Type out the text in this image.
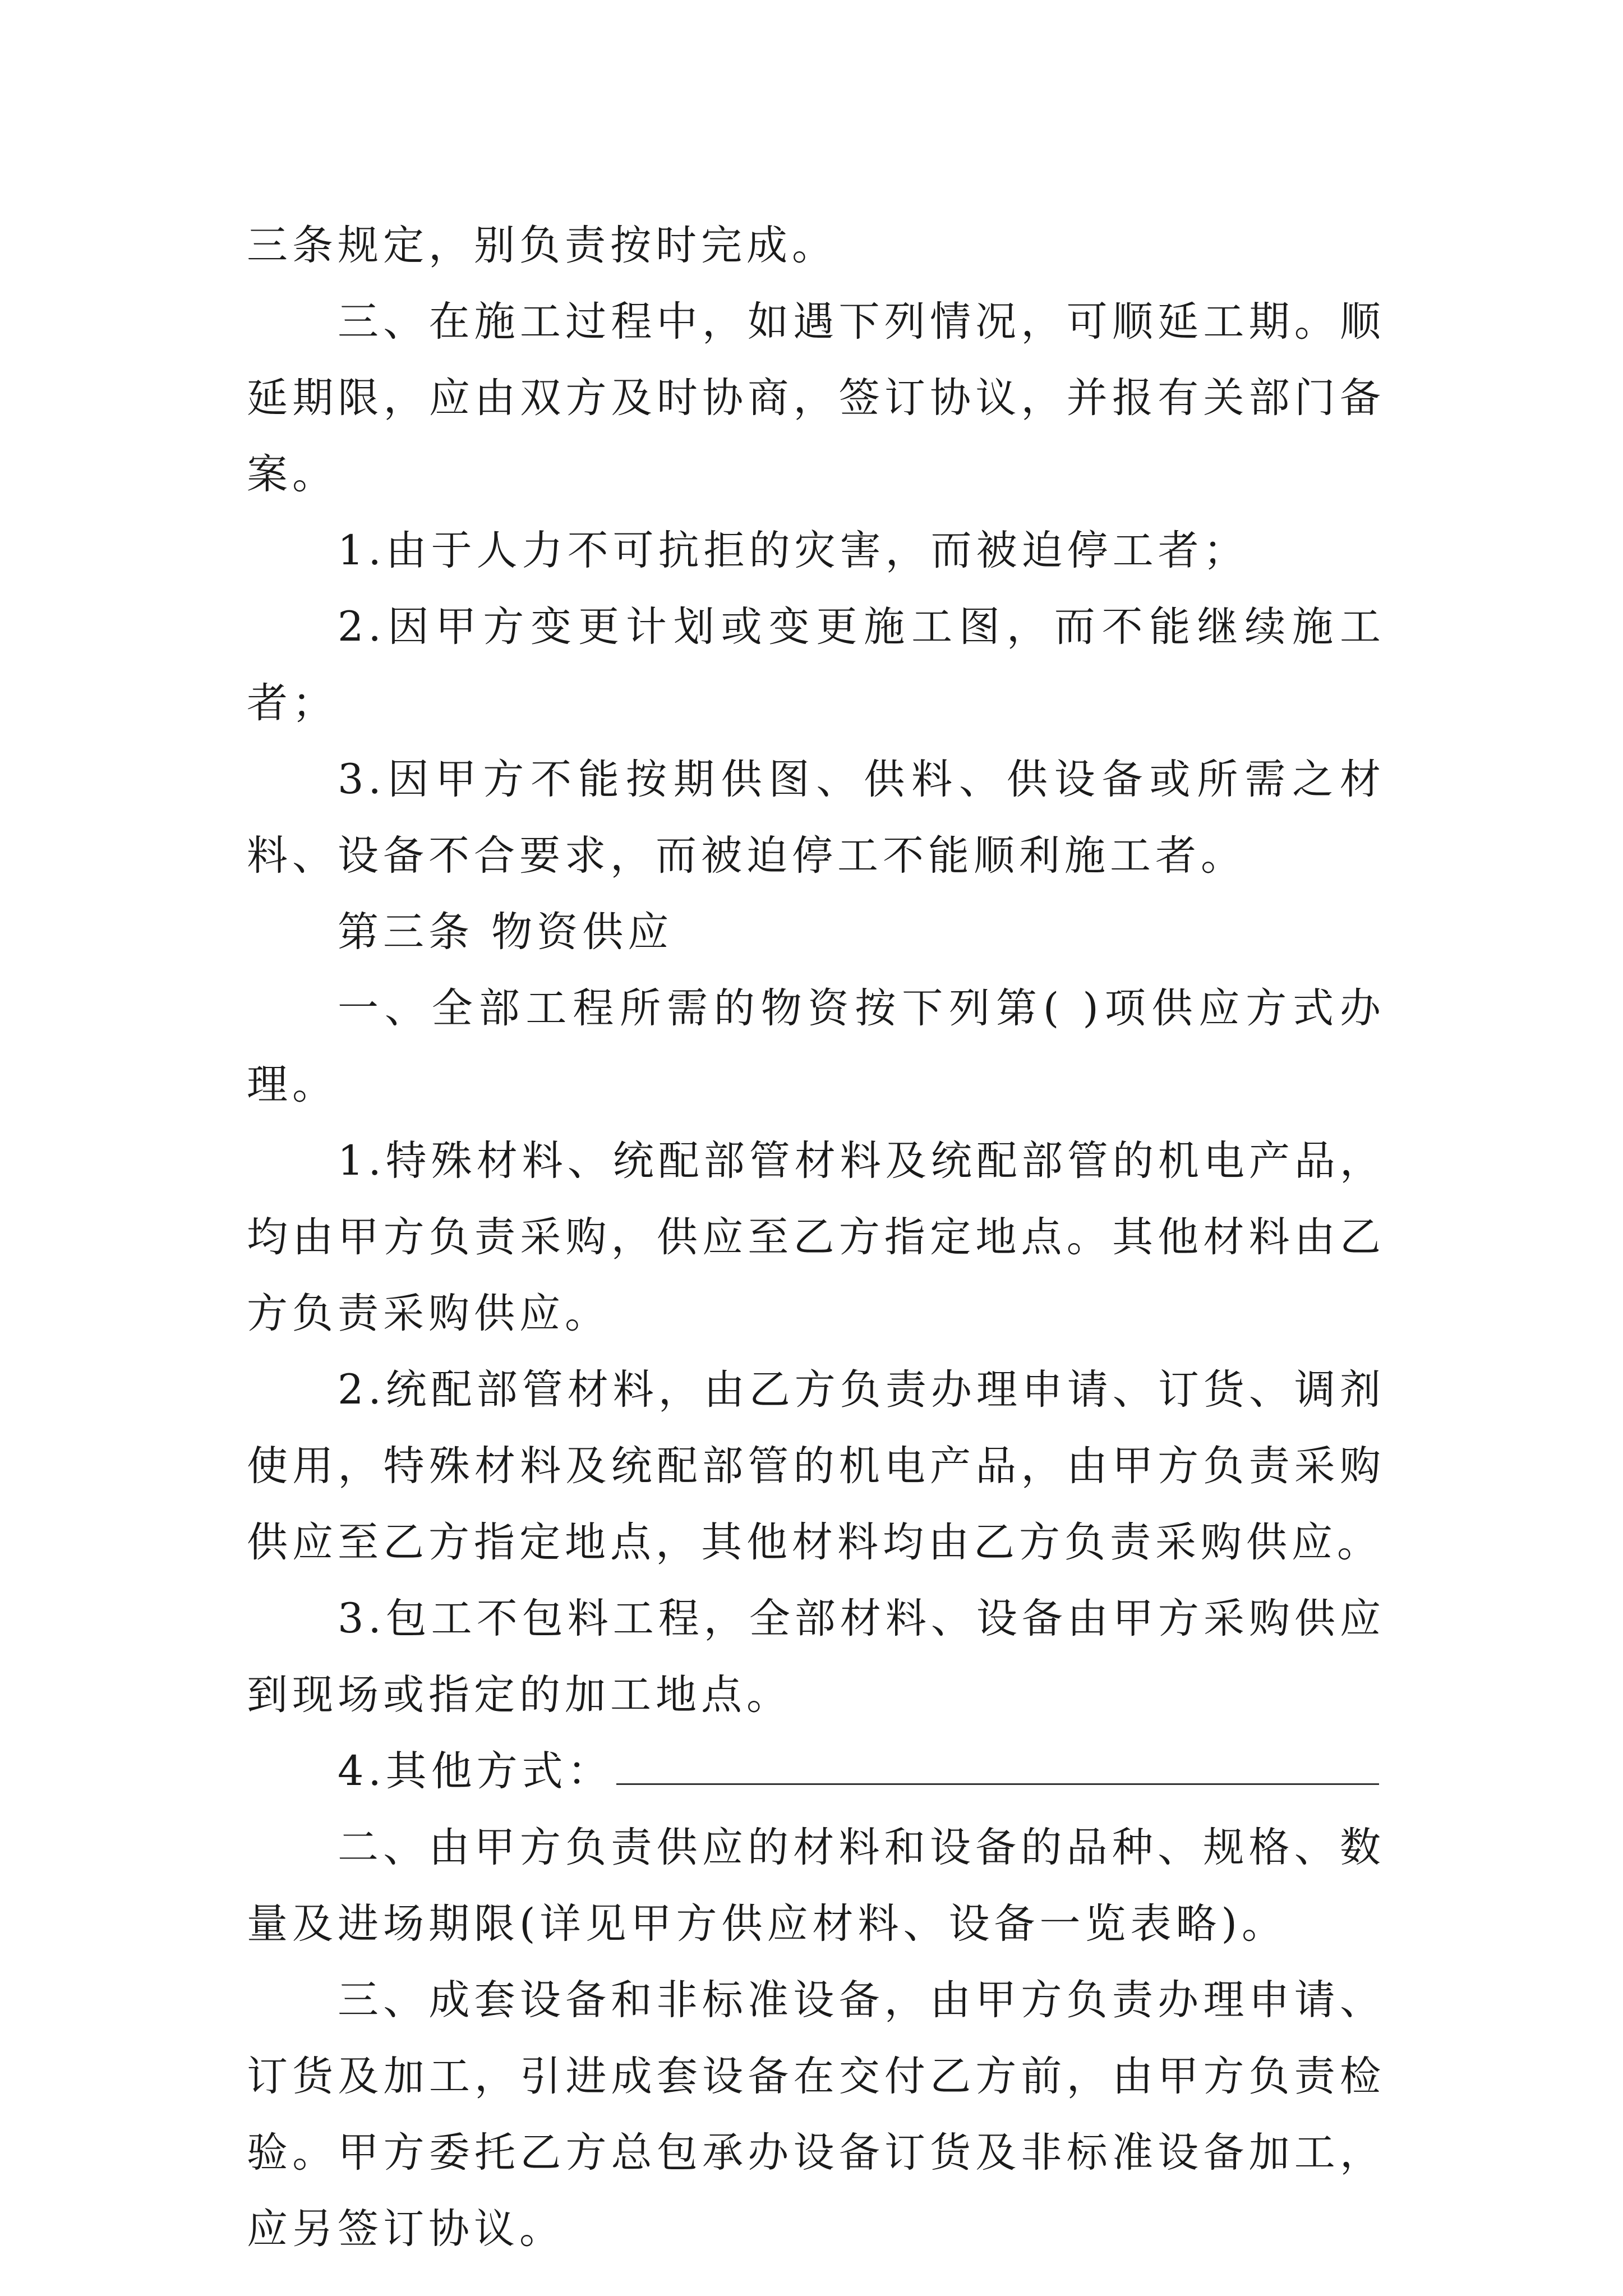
三条规定，别负责按时完成。

三、在施工过程中，如遇下列情况，可顺延工期。顺延期限，应由双方及时协商，签订协议，并报有关部门备案。

1.由于人力不可抗拒的灾害，而被迫停工者；

2.因甲方变更计划或变更施工图，而不能继续施工者；

3.因甲方不能按期供图、供料、供设备或所需之材料、设备不合要求，而被迫停工不能顺利施工者。

第三条 物资供应

一、全部工程所需的物资按下列第( )项供应方式办理。

1.特殊材料、统配部管材料及统配部管的机电产品，均由甲方负责采购，供应至乙方指定地点。其他材料由乙方负责采购供应。

2.统配部管材料，由乙方负责办理申请、订货、调剂使用，特殊材料及统配部管的机电产品，由甲方负责采购供应至乙方指定地点，其他材料均由乙方负责采购供应。

3.包工不包料工程，全部材料、设备由甲方采购供应到现场或指定的加工地点。

4.其他方式：

二、由甲方负责供应的材料和设备的品种、规格、数量及进场期限(详见甲方供应材料、设备一览表略)。

三、成套设备和非标准设备，由甲方负责办理申请、订货及加工，引进成套设备在交付乙方前，由甲方负责检验。甲方委托乙方总包承办设备订货及非标准设备加工，应另签订协议。
